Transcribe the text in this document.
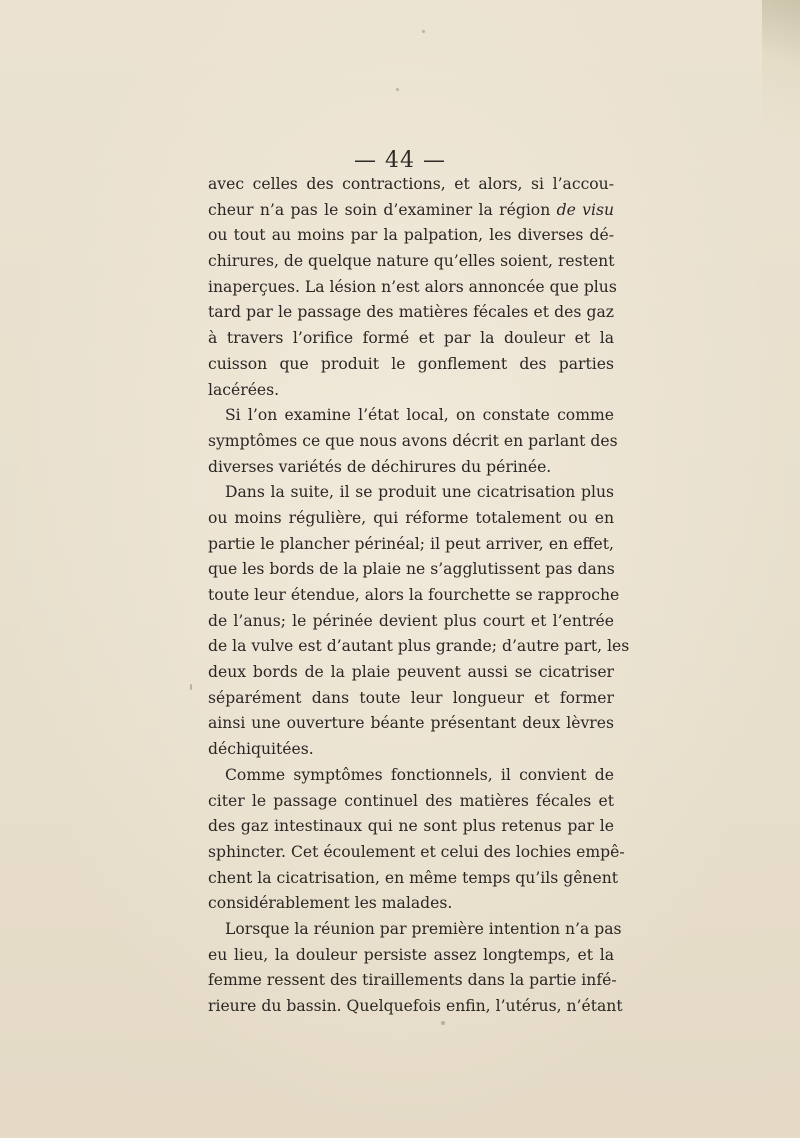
— 44 —
avec celles des contractions, et alors, si l’accou-
cheur n’a pas le soin d’examiner la région de visu
ou tout au moins par la palpation, les diverses dé-
chirures, de quelque nature qu’elles soient, restent
inaperçues. La lésion n’est alors annoncée que plus
tard par le passage des matières fécales et des gaz
à travers l’orifice formé et par la douleur et la
cuisson que produit le gonflement des parties
lacérées.
Si l’on examine l’état local, on constate comme
symptômes ce que nous avons décrit en parlant des
diverses variétés de déchirures du périnée.
Dans la suite, il se produit une cicatrisation plus
ou moins régulière, qui réforme totalement ou en
partie le plancher périnéal; il peut arriver, en effet,
que les bords de la plaie ne s’agglutissent pas dans
toute leur étendue, alors la fourchette se rapproche
de l’anus; le périnée devient plus court et l’entrée
de la vulve est d’autant plus grande; d’autre part, les
deux bords de la plaie peuvent aussi se cicatriser
séparément dans toute leur longueur et former
ainsi une ouverture béante présentant deux lèvres
déchiquitées.
Comme symptômes fonctionnels, il convient de
citer le passage continuel des matières fécales et
des gaz intestinaux qui ne sont plus retenus par le
sphincter. Cet écoulement et celui des lochies empê-
chent la cicatrisation, en même temps qu’ils gênent
considérablement les malades.
Lorsque la réunion par première intention n’a pas
eu lieu, la douleur persiste assez longtemps, et la
femme ressent des tiraillements dans la partie infé-
rieure du bassin. Quelquefois enfin, l’utérus, n’étant
